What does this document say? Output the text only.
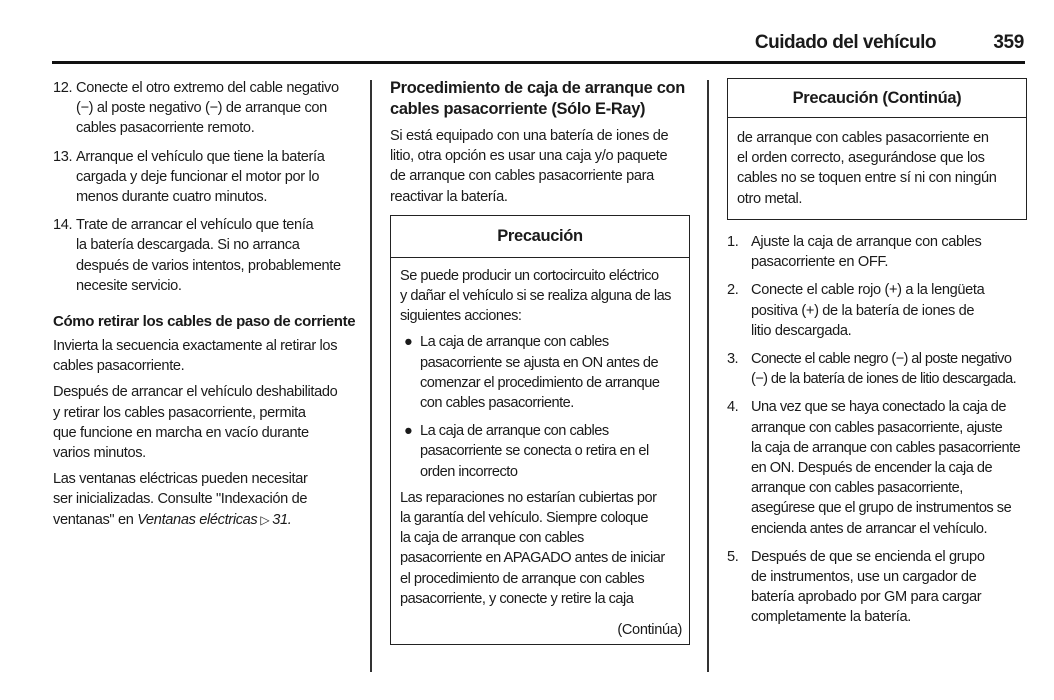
Cuidado del vehículo	359
12. Conecte el otro extremo del cable negativo
(−) al poste negativo (−) de arranque con
cables pasacorriente remoto.
13. Arranque el vehículo que tiene la batería
cargada y deje funcionar el motor por lo
menos durante cuatro minutos.
14. Trate de arrancar el vehículo que tenía
la batería descargada. Si no arranca
después de varios intentos, probablemente
necesite servicio.
Cómo retirar los cables de paso de corriente

Invierta la secuencia exactamente al retirar los
cables pasacorriente.

Después de arrancar el vehículo deshabilitado
y retirar los cables pasacorriente, permita
que funcione en marcha en vacío durante
varios minutos.

Las ventanas eléctricas pueden necesitar
ser inicializadas. Consulte "Indexación de
ventanas" en Ventanas eléctricas ▷ 31.

Procedimiento de caja de arranque con
cables pasacorriente (Sólo E-Ray)

Si está equipado con una batería de iones de
litio, otra opción es usar una caja y/o paquete
de arranque con cables pasacorriente para
reactivar la batería.

Precaución
Se puede producir un cortocircuito eléctrico
y dañar el vehículo si se realiza alguna de las
siguientes acciones:
● La caja de arranque con cables
pasacorriente se ajusta en ON antes de
comenzar el procedimiento de arranque
con cables pasacorriente.
● La caja de arranque con cables
pasacorriente se conecta o retira en el
orden incorrecto
Las reparaciones no estarían cubiertas por
la garantía del vehículo. Siempre coloque
la caja de arranque con cables
pasacorriente en APAGADO antes de iniciar
el procedimiento de arranque con cables
pasacorriente, y conecte y retire la caja
(Continúa)
Precaución (Continúa)
de arranque con cables pasacorriente en
el orden correcto, asegurándose que los
cables no se toquen entre sí ni con ningún
otro metal.
1. Ajuste la caja de arranque con cables
pasacorriente en OFF.
2. Conecte el cable rojo (+) a la lengüeta
positiva (+) de la batería de iones de
litio descargada.
3. Conecte el cable negro (−) al poste negativo
(−) de la batería de iones de litio descargada.
4. Una vez que se haya conectado la caja de
arranque con cables pasacorriente, ajuste
la caja de arranque con cables pasacorriente
en ON. Después de encender la caja de
arranque con cables pasacorriente,
asegúrese que el grupo de instrumentos se
encienda antes de arrancar el vehículo.
5. Después de que se encienda el grupo
de instrumentos, use un cargador de
batería aprobado por GM para cargar
completamente la batería.
